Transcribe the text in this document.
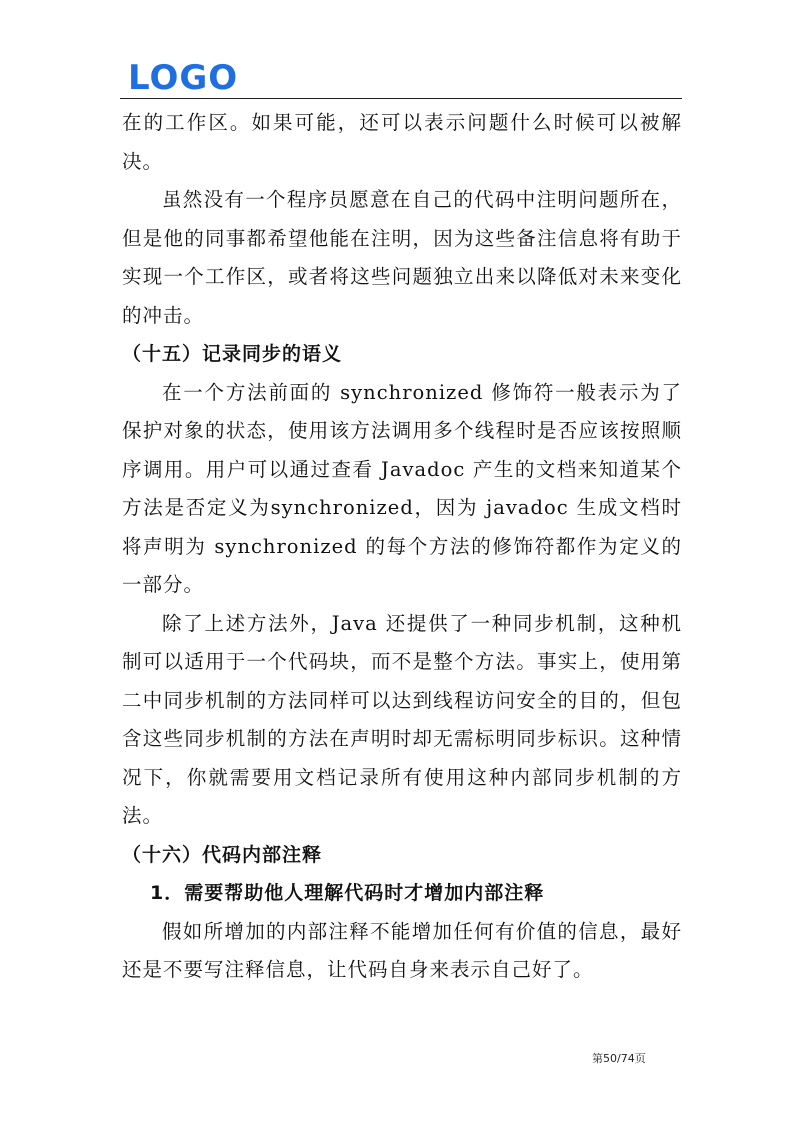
LOGO

在的工作区。如果可能，还可以表示问题什么时候可以被解决。

虽然没有一个程序员愿意在自己的代码中注明问题所在，但是他的同事都希望他能在注明，因为这些备注信息将有助于实现一个工作区，或者将这些问题独立出来以降低对未来变化的冲击。

（十五）记录同步的语义

在一个方法前面的 synchronized 修饰符一般表示为了保护对象的状态，使用该方法调用多个线程时是否应该按照顺序调用。用户可以通过查看 Javadoc 产生的文档来知道某个方法是否定义为synchronized，因为 javadoc 生成文档时将声明为 synchronized 的每个方法的修饰符都作为定义的一部分。

除了上述方法外，Java 还提供了一种同步机制，这种机制可以适用于一个代码块，而不是整个方法。事实上，使用第二中同步机制的方法同样可以达到线程访问安全的目的，但包含这些同步机制的方法在声明时却无需标明同步标识。这种情况下，你就需要用文档记录所有使用这种内部同步机制的方法。

（十六）代码内部注释

1．需要帮助他人理解代码时才增加内部注释

假如所增加的内部注释不能增加任何有价值的信息，最好还是不要写注释信息，让代码自身来表示自己好了。

第50/74页
